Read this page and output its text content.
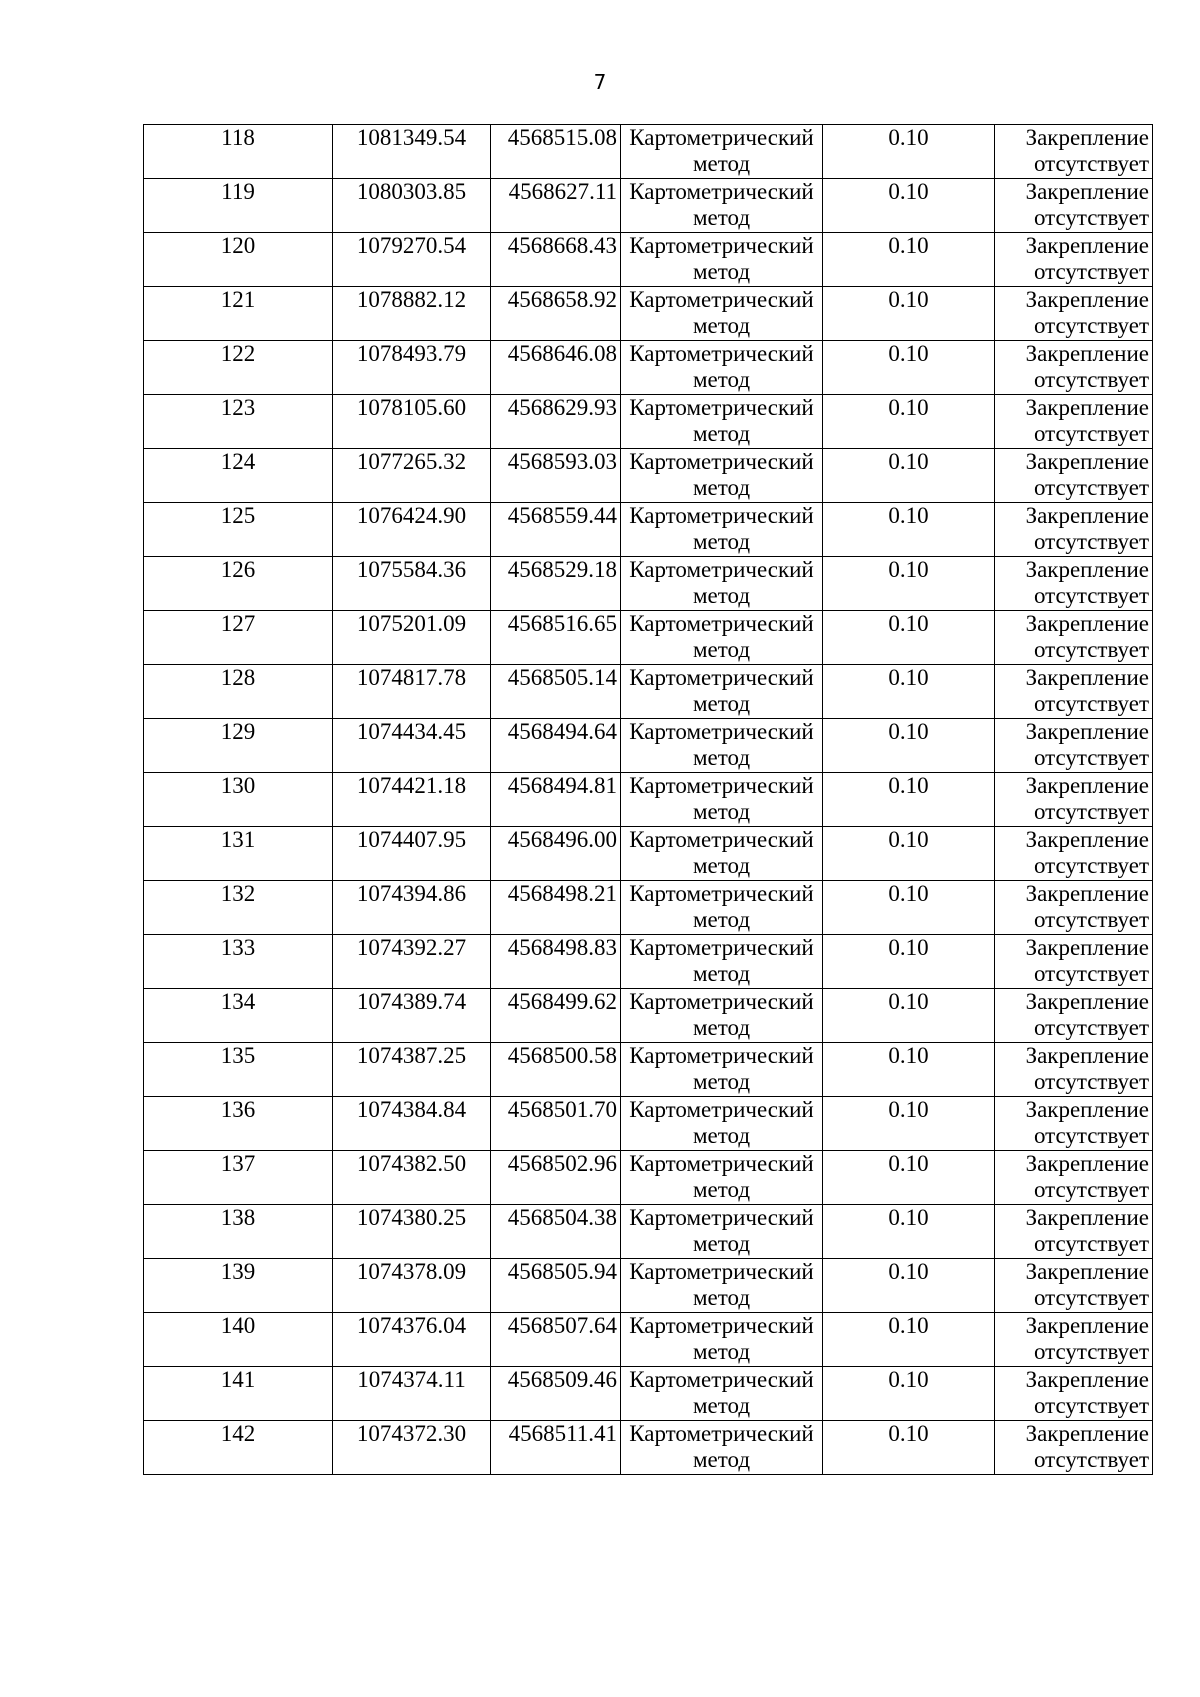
7
118	1081349.54	4568515.08	Картометрический метод	0.10	Закрепление отсутствует
119	1080303.85	4568627.11	Картометрический метод	0.10	Закрепление отсутствует
120	1079270.54	4568668.43	Картометрический метод	0.10	Закрепление отсутствует
121	1078882.12	4568658.92	Картометрический метод	0.10	Закрепление отсутствует
122	1078493.79	4568646.08	Картометрический метод	0.10	Закрепление отсутствует
123	1078105.60	4568629.93	Картометрический метод	0.10	Закрепление отсутствует
124	1077265.32	4568593.03	Картометрический метод	0.10	Закрепление отсутствует
125	1076424.90	4568559.44	Картометрический метод	0.10	Закрепление отсутствует
126	1075584.36	4568529.18	Картометрический метод	0.10	Закрепление отсутствует
127	1075201.09	4568516.65	Картометрический метод	0.10	Закрепление отсутствует
128	1074817.78	4568505.14	Картометрический метод	0.10	Закрепление отсутствует
129	1074434.45	4568494.64	Картометрический метод	0.10	Закрепление отсутствует
130	1074421.18	4568494.81	Картометрический метод	0.10	Закрепление отсутствует
131	1074407.95	4568496.00	Картометрический метод	0.10	Закрепление отсутствует
132	1074394.86	4568498.21	Картометрический метод	0.10	Закрепление отсутствует
133	1074392.27	4568498.83	Картометрический метод	0.10	Закрепление отсутствует
134	1074389.74	4568499.62	Картометрический метод	0.10	Закрепление отсутствует
135	1074387.25	4568500.58	Картометрический метод	0.10	Закрепление отсутствует
136	1074384.84	4568501.70	Картометрический метод	0.10	Закрепление отсутствует
137	1074382.50	4568502.96	Картометрический метод	0.10	Закрепление отсутствует
138	1074380.25	4568504.38	Картометрический метод	0.10	Закрепление отсутствует
139	1074378.09	4568505.94	Картометрический метод	0.10	Закрепление отсутствует
140	1074376.04	4568507.64	Картометрический метод	0.10	Закрепление отсутствует
141	1074374.11	4568509.46	Картометрический метод	0.10	Закрепление отсутствует
142	1074372.30	4568511.41	Картометрический метод	0.10	Закрепление отсутствует
